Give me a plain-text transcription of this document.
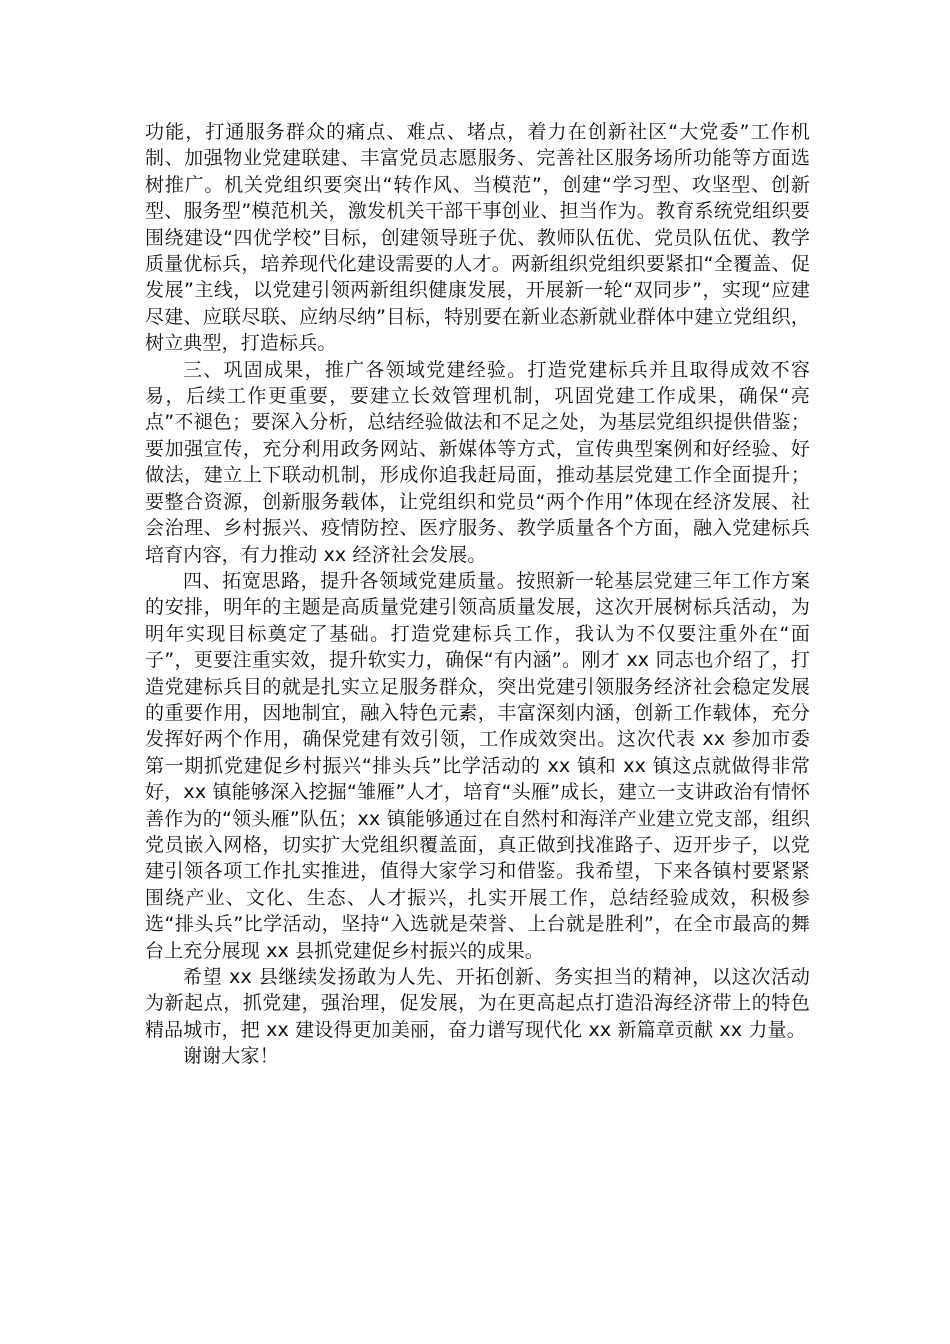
功能，打通服务群众的痛点、难点、堵点，着力在创新社区“大党委”工作机制、加强物业党建联建、丰富党员志愿服务、完善社区服务场所功能等方面选树推广。机关党组织要突出“转作风、当模范”，创建“学习型、攻坚型、创新型、服务型”模范机关，激发机关干部干事创业、担当作为。教育系统党组织要围绕建设“四优学校”目标，创建领导班子优、教师队伍优、党员队伍优、教学质量优标兵，培养现代化建设需要的人才。两新组织党组织要紧扣“全覆盖、促发展”主线，以党建引领两新组织健康发展，开展新一轮“双同步”，实现“应建尽建、应联尽联、应纳尽纳”目标，特别要在新业态新就业群体中建立党组织，树立典型，打造标兵。

三、巩固成果，推广各领域党建经验。打造党建标兵并且取得成效不容易，后续工作更重要，要建立长效管理机制，巩固党建工作成果，确保“亮点”不褪色；要深入分析，总结经验做法和不足之处，为基层党组织提供借鉴；要加强宣传，充分利用政务网站、新媒体等方式，宣传典型案例和好经验、好做法，建立上下联动机制，形成你追我赶局面，推动基层党建工作全面提升；要整合资源，创新服务载体，让党组织和党员“两个作用”体现在经济发展、社会治理、乡村振兴、疫情防控、医疗服务、教学质量各个方面，融入党建标兵培育内容，有力推动 xx 经济社会发展。

四、拓宽思路，提升各领域党建质量。按照新一轮基层党建三年工作方案的安排，明年的主题是高质量党建引领高质量发展，这次开展树标兵活动，为明年实现目标奠定了基础。打造党建标兵工作，我认为不仅要注重外在“面子”，更要注重实效，提升软实力，确保“有内涵”。刚才 xx 同志也介绍了，打造党建标兵目的就是扎实立足服务群众，突出党建引领服务经济社会稳定发展的重要作用，因地制宜，融入特色元素，丰富深刻内涵，创新工作载体，充分发挥好两个作用，确保党建有效引领，工作成效突出。这次代表 xx 参加市委第一期抓党建促乡村振兴“排头兵”比学活动的 xx 镇和 xx 镇这点就做得非常好，xx 镇能够深入挖掘“雏雁”人才，培育“头雁”成长，建立一支讲政治有情怀善作为的“领头雁”队伍；xx 镇能够通过在自然村和海洋产业建立党支部，组织党员嵌入网格，切实扩大党组织覆盖面，真正做到找准路子、迈开步子，以党建引领各项工作扎实推进，值得大家学习和借鉴。我希望，下来各镇村要紧紧围绕产业、文化、生态、人才振兴，扎实开展工作，总结经验成效，积极参选“排头兵”比学活动，坚持“入选就是荣誉、上台就是胜利”，在全市最高的舞台上充分展现 xx 县抓党建促乡村振兴的成果。

希望 xx 县继续发扬敢为人先、开拓创新、务实担当的精神，以这次活动为新起点，抓党建，强治理，促发展，为在更高起点打造沿海经济带上的特色精品城市，把 xx 建设得更加美丽，奋力谱写现代化 xx 新篇章贡献 xx 力量。

谢谢大家！
